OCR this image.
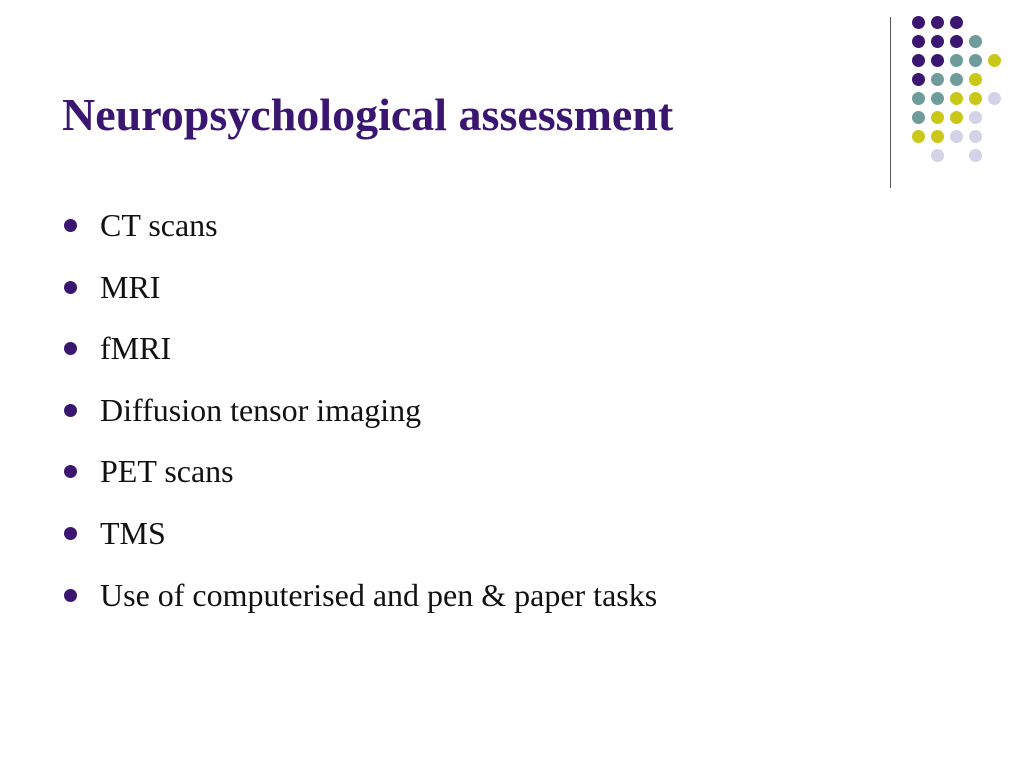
Neuropsychological assessment
CT scans
MRI
fMRI
Diffusion tensor imaging
PET scans
TMS
Use of computerised and pen & paper tasks
